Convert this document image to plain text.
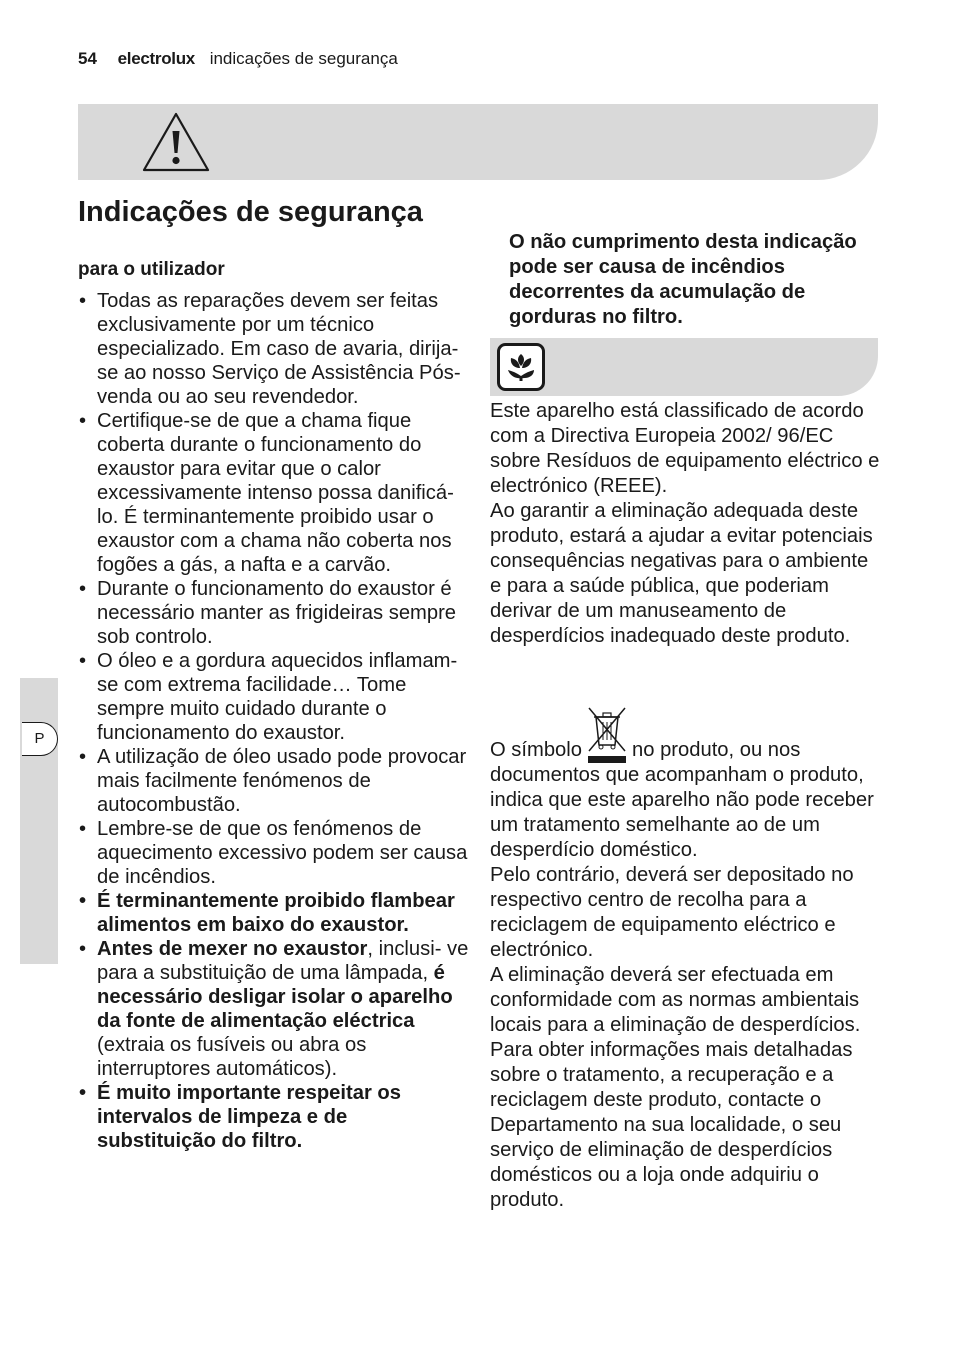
54 electrolux indicações de segurança
Indicações de segurança
para o utilizador
• Todas as reparações devem ser feitas exclusivamente por um técnico especializado. Em caso de avaria, dirija-se ao nosso Serviço de Assistência Pós-venda ou ao seu revendedor.
• Certifique-se de que a chama fique coberta durante o funcionamento do exaustor para evitar que o calor excessivamente intenso possa danificá-lo. É terminantemente proibido usar o exaustor com a chama não coberta nos fogões a gás, a nafta e a carvão.
• Durante o funcionamento do exaustor é necessário manter as frigideiras sempre sob controlo.
• O óleo e a gordura aquecidos inflamam-se com extrema facilidade… Tome sempre muito cuidado durante o funcionamento do exaustor.
• A utilização de óleo usado pode provocar mais facilmente fenómenos de autocombustão.
• Lembre-se de que os fenómenos de aquecimento excessivo podem ser causa de incêndios.
• É terminantemente proibido flambear alimentos em baixo do exaustor.
• Antes de mexer no exaustor, inclusi- ve para a substituição de uma lâmpada, é necessário desligar isolar o aparelho da fonte de alimentação eléctrica (extraia os fusíveis ou abra os interruptores automáticos).
• É muito importante respeitar os intervalos de limpeza e de substituição do filtro.
O não cumprimento desta indicação pode ser causa de incêndios decorrentes da acumulação de gorduras no filtro.

Este aparelho está classificado de acordo com a Directiva Europeia 2002/ 96/EC sobre Resíduos de equipamento eléctrico e electrónico (REEE).

Ao garantir a eliminação adequada deste produto, estará a ajudar a evitar potenciais consequências negativas para o ambiente e para a saúde pública, que poderiam derivar de um manuseamento de desperdícios inadequado deste produto.

O símbolo no produto, ou nos documentos que acompanham o produto, indica que este aparelho não pode receber um tratamento semelhante ao de um desperdício doméstico.

Pelo contrário, deverá ser depositado no respectivo centro de recolha para a reciclagem de equipamento eléctrico e electrónico.

A eliminação deverá ser efectuada em conformidade com as normas ambientais locais para a eliminação de desperdícios.

Para obter informações mais detalhadas sobre o tratamento, a recuperação e a reciclagem deste produto, contacte o Departamento na sua localidade, o seu serviço de eliminação de desperdícios domésticos ou a loja onde adquiriu o produto.

P
